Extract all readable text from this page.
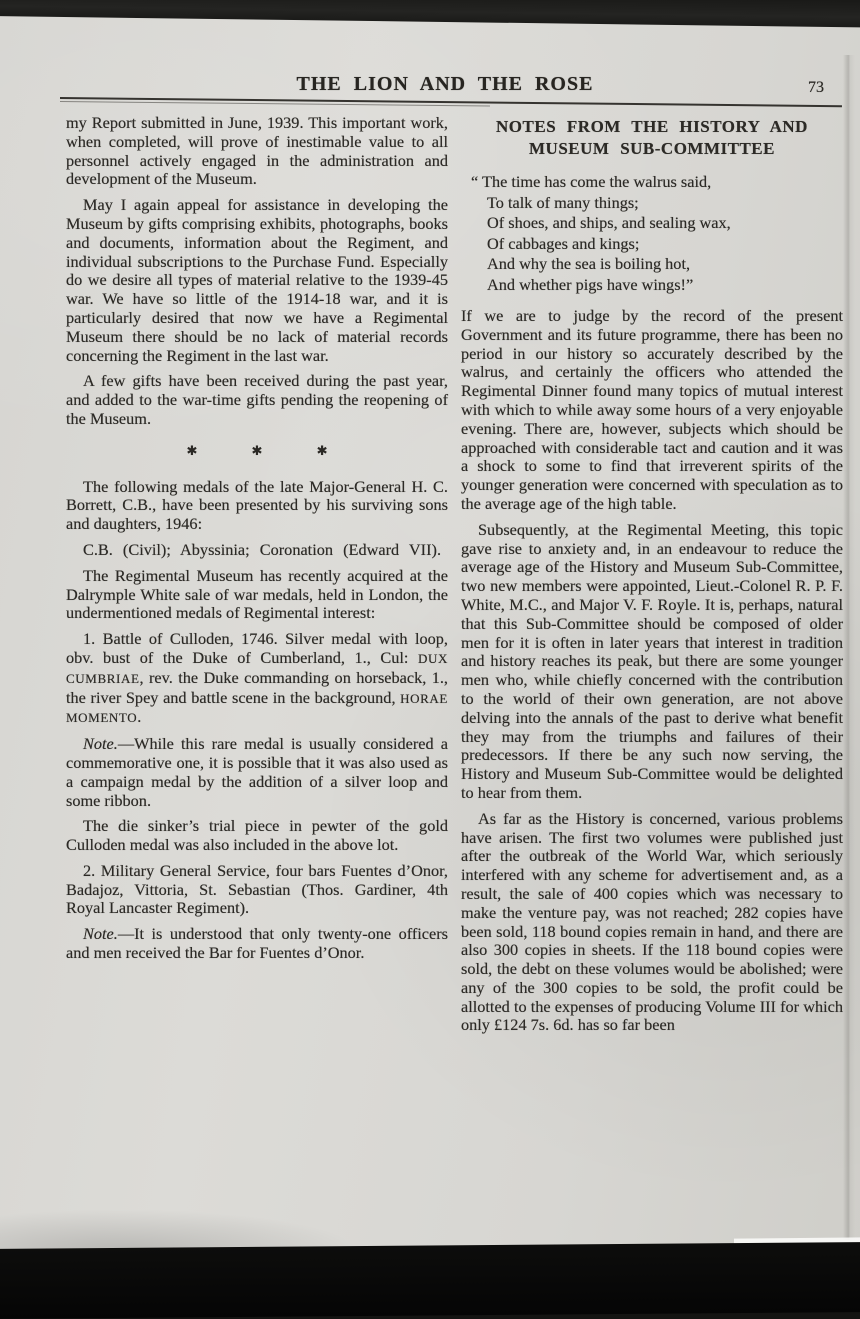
THE LION AND THE ROSE	73

my Report submitted in June, 1939. This important work, when completed, will prove of inestimable value to all personnel actively engaged in the administration and development of the Museum.

May I again appeal for assistance in developing the Museum by gifts comprising exhibits, photographs, books and documents, information about the Regiment, and individual subscriptions to the Purchase Fund. Especially do we desire all types of material relative to the 1939-45 war. We have so little of the 1914-18 war, and it is particularly desired that now we have a Regimental Museum there should be no lack of material records concerning the Regiment in the last war.

A few gifts have been received during the past year, and added to the war-time gifts pending the reopening of the Museum.

✱ ✱ ✱

The following medals of the late Major-General H. C. Borrett, C.B., have been presented by his surviving sons and daughters, 1946:

C.B. (Civil); Abyssinia; Coronation (Edward VII).

The Regimental Museum has recently acquired at the Dalrymple White sale of war medals, held in London, the undermentioned medals of Regimental interest:

1. Battle of Culloden, 1746. Silver medal with loop, obv. bust of the Duke of Cumberland, 1., Cul: DUX CUMBRIAE, rev. the Duke commanding on horseback, 1., the river Spey and battle scene in the background, HORAE MOMENTO.

Note.—While this rare medal is usually considered a commemorative one, it is possible that it was also used as a campaign medal by the addition of a silver loop and some ribbon.

The die sinker’s trial piece in pewter of the gold Culloden medal was also included in the above lot.

2. Military General Service, four bars Fuentes d’Onor, Badajoz, Vittoria, St. Sebastian (Thos. Gardiner, 4th Royal Lancaster Regiment).

Note.—It is understood that only twenty-one officers and men received the Bar for Fuentes d’Onor.

NOTES FROM THE HISTORY AND
MUSEUM SUB-COMMITTEE

“ The time has come the walrus said,
To talk of many things;
Of shoes, and ships, and sealing wax,
Of cabbages and kings;
And why the sea is boiling hot,
And whether pigs have wings!”

If we are to judge by the record of the present Government and its future programme, there has been no period in our history so accurately described by the walrus, and certainly the officers who attended the Regimental Dinner found many topics of mutual interest with which to while away some hours of a very enjoyable evening. There are, however, subjects which should be approached with considerable tact and caution and it was a shock to some to find that irreverent spirits of the younger generation were concerned with speculation as to the average age of the high table.

Subsequently, at the Regimental Meeting, this topic gave rise to anxiety and, in an endeavour to reduce the average age of the History and Museum Sub-Committee, two new members were appointed, Lieut.-Colonel R. P. F. White, M.C., and Major V. F. Royle. It is, perhaps, natural that this Sub-Committee should be composed of older men for it is often in later years that interest in tradition and history reaches its peak, but there are some younger men who, while chiefly concerned with the contribution to the world of their own generation, are not above delving into the annals of the past to derive what benefit they may from the triumphs and failures of their predecessors. If there be any such now serving, the History and Museum Sub-Committee would be delighted to hear from them.

As far as the History is concerned, various problems have arisen. The first two volumes were published just after the outbreak of the World War, which seriously interfered with any scheme for advertisement and, as a result, the sale of 400 copies which was necessary to make the venture pay, was not reached; 282 copies have been sold, 118 bound copies remain in hand, and there are also 300 copies in sheets. If the 118 bound copies were sold, the debt on these volumes would be abolished; were any of the 300 copies to be sold, the profit could be allotted to the expenses of producing Volume III for which only £124 7s. 6d. has so far been
